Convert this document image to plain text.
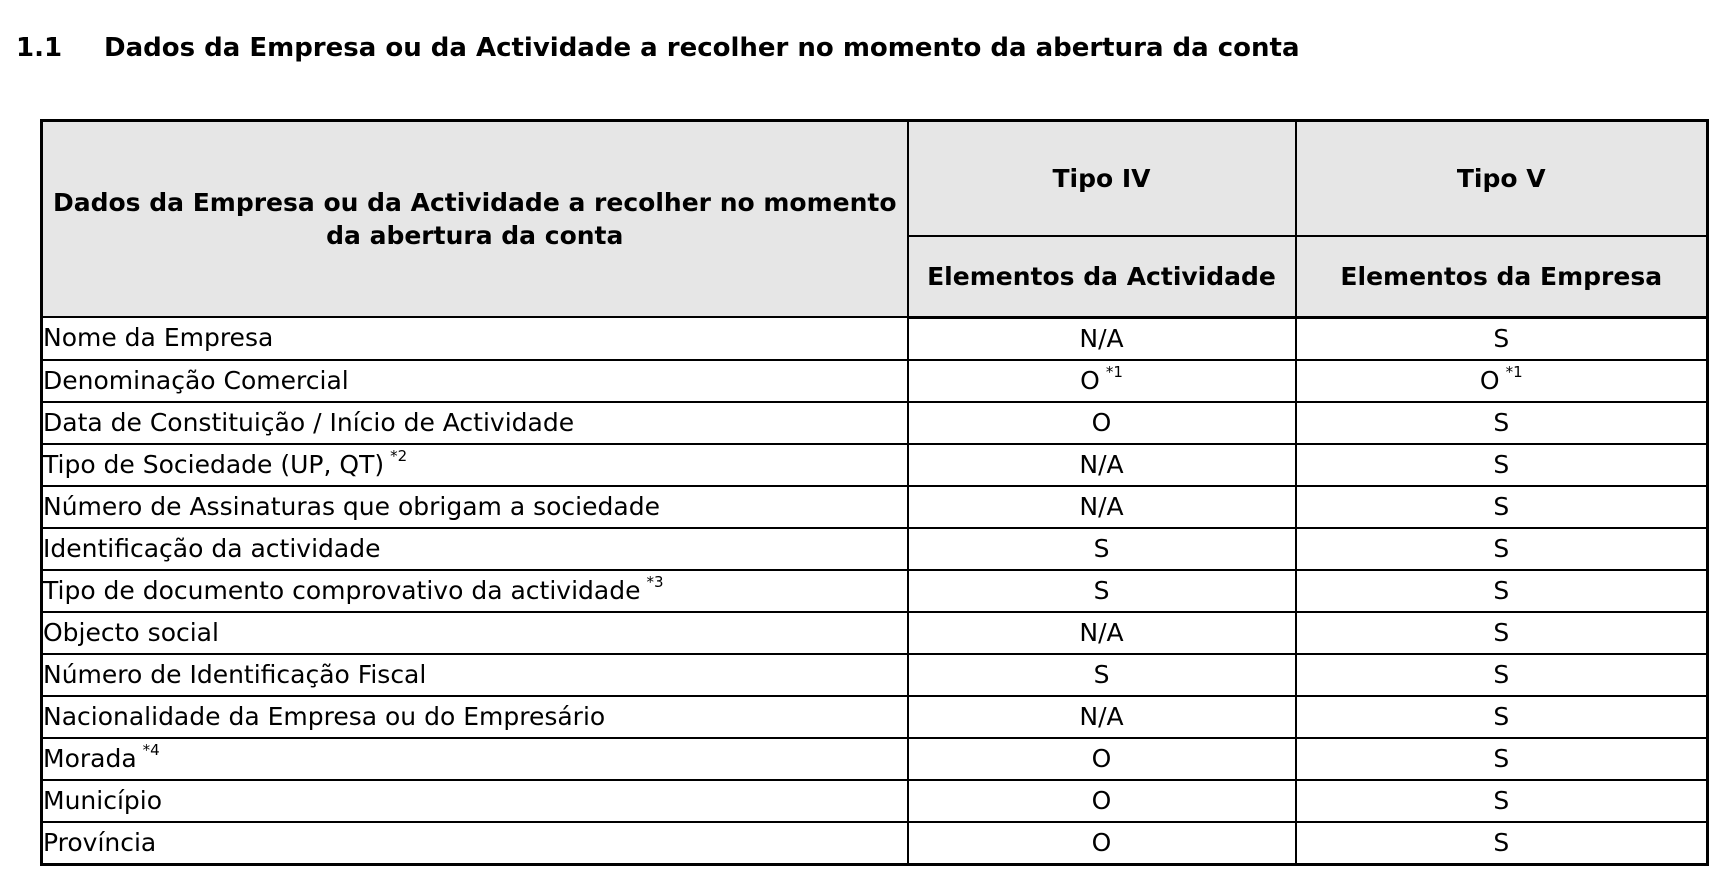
1.1 Dados da Empresa ou da Actividade a recolher no momento da abertura da conta
Dados da Empresa ou da Actividade a recolher no momento da abertura da conta	Tipo IV	Tipo V
	Elementos da Actividade	Elementos da Empresa
Nome da Empresa	N/A	S
Denominação Comercial	O $^{*1}$	O $^{*1}$
Data de Constituição / Início de Actividade	O	S
Tipo de Sociedade (UP, QT) $^{*2}$	N/A	S
Número de Assinaturas que obrigam a sociedade	N/A	S
Identificação da actividade	S	S
Tipo de documento comprovativo da actividade $^{*3}$	S	S
Objecto social	N/A	S
Número de Identificação Fiscal	S	S
Nacionalidade da Empresa ou do Empresário	N/A	S
Morada $^{*4}$	O	S
Município	O	S
Província	O	S
